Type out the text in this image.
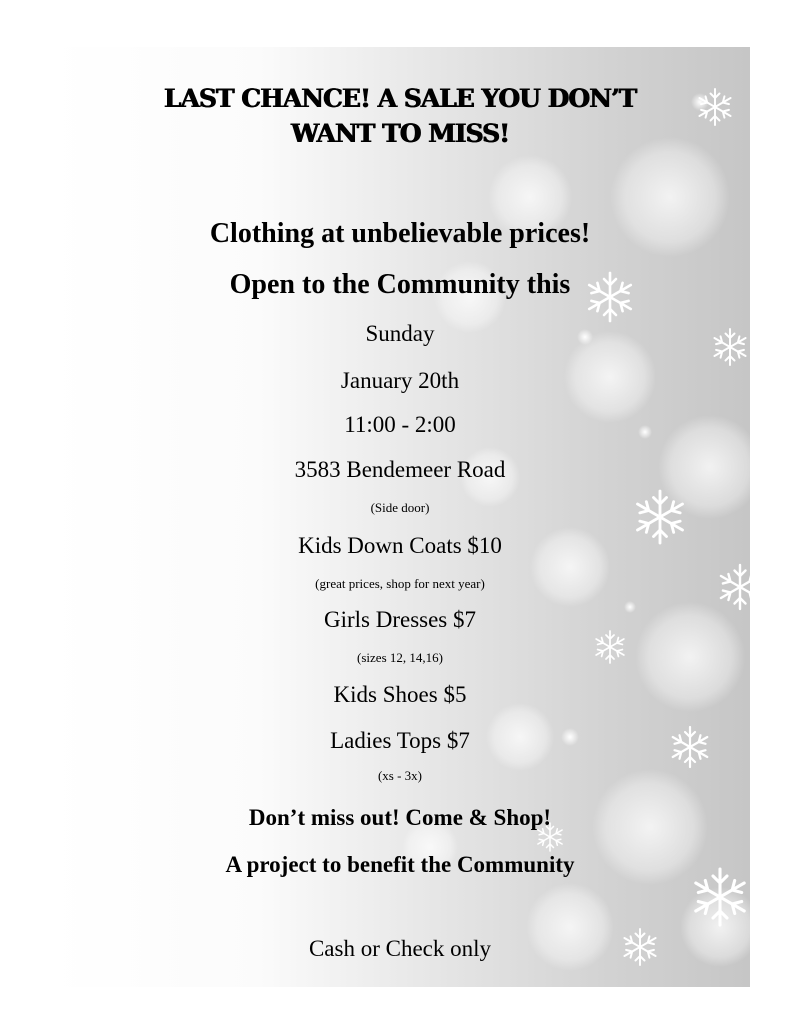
LAST CHANCE! A SALE YOU DON’T

WANT TO MISS!

Clothing at unbelievable prices!

Open to the Community this

Sunday

January 20th

11:00 - 2:00

3583 Bendemeer Road

(Side door)

Kids Down Coats $10

(great prices, shop for next year)

Girls Dresses $7

(sizes 12, 14,16)

Kids Shoes $5

Ladies Tops $7

(xs - 3x)

Don’t miss out! Come & Shop!

A project to benefit the Community

Cash or Check only
